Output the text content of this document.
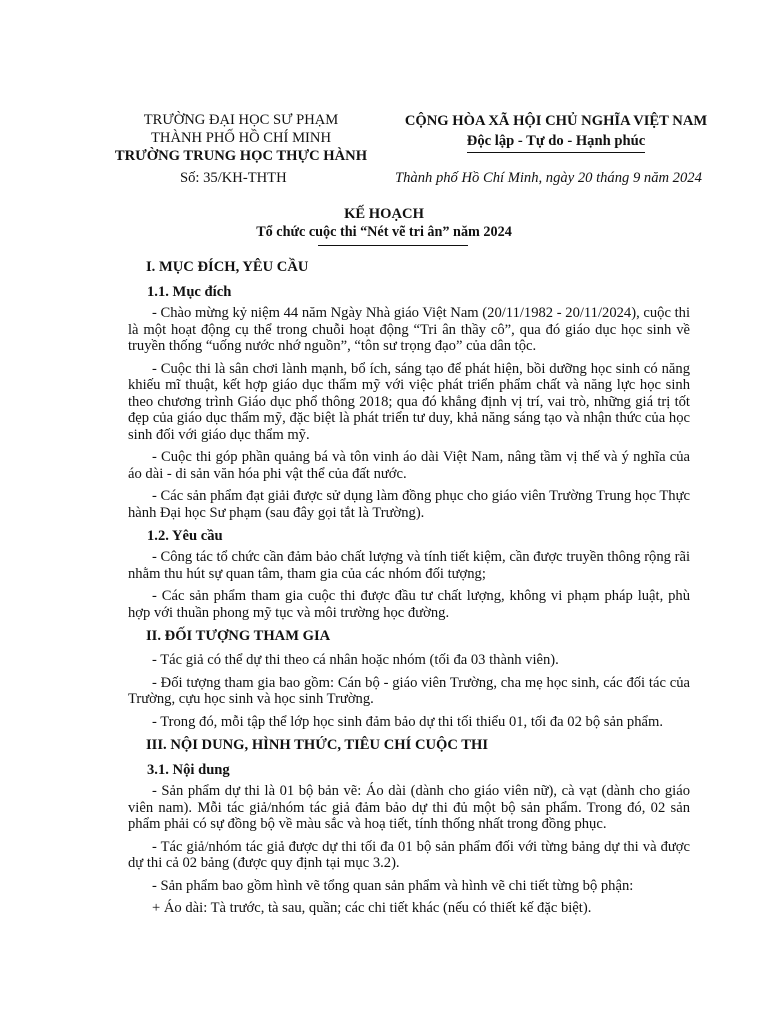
TRƯỜNG ĐẠI HỌC SƯ PHẠM
THÀNH PHỐ HỒ CHÍ MINH
TRƯỜNG TRUNG HỌC THỰC HÀNH
CỘNG HÒA XÃ HỘI CHỦ NGHĨA VIỆT NAM
Độc lập - Tự do - Hạnh phúc
Số: 35/KH-THTH	Thành phố Hồ Chí Minh, ngày 20 tháng 9 năm 2024
KẾ HOẠCH
Tổ chức cuộc thi “Nét vẽ tri ân” năm 2024
I. MỤC ĐÍCH, YÊU CẦU
1.1. Mục đích

- Chào mừng kỷ niệm 44 năm Ngày Nhà giáo Việt Nam (20/11/1982 - 20/11/2024), cuộc thi là một hoạt động cụ thể trong chuỗi hoạt động “Tri ân thầy cô”, qua đó giáo dục học sinh về truyền thống “uống nước nhớ nguồn”, “tôn sư trọng đạo” của dân tộc.

- Cuộc thi là sân chơi lành mạnh, bổ ích, sáng tạo để phát hiện, bồi dưỡng học sinh có năng khiếu mĩ thuật, kết hợp giáo dục thẩm mỹ với việc phát triển phẩm chất và năng lực học sinh theo chương trình Giáo dục phổ thông 2018; qua đó khẳng định vị trí, vai trò, những giá trị tốt đẹp của giáo dục thẩm mỹ, đặc biệt là phát triển tư duy, khả năng sáng tạo và nhận thức của học sinh đối với giáo dục thẩm mỹ.

- Cuộc thi góp phần quảng bá và tôn vinh áo dài Việt Nam, nâng tầm vị thế và ý nghĩa của áo dài - di sản văn hóa phi vật thể của đất nước.

- Các sản phẩm đạt giải được sử dụng làm đồng phục cho giáo viên Trường Trung học Thực hành Đại học Sư phạm (sau đây gọi tắt là Trường).

1.2. Yêu cầu

- Công tác tổ chức cần đảm bảo chất lượng và tính tiết kiệm, cần được truyền thông rộng rãi nhằm thu hút sự quan tâm, tham gia của các nhóm đối tượng;

- Các sản phẩm tham gia cuộc thi được đầu tư chất lượng, không vi phạm pháp luật, phù hợp với thuần phong mỹ tục và môi trường học đường.

II. ĐỐI TƯỢNG THAM GIA

- Tác giả có thể dự thi theo cá nhân hoặc nhóm (tối đa 03 thành viên).

- Đối tượng tham gia bao gồm: Cán bộ - giáo viên Trường, cha mẹ học sinh, các đối tác của Trường, cựu học sinh và học sinh Trường.

- Trong đó, mỗi tập thể lớp học sinh đảm bảo dự thi tối thiểu 01, tối đa 02 bộ sản phẩm.

III. NỘI DUNG, HÌNH THỨC, TIÊU CHÍ CUỘC THI
3.1. Nội dung

- Sản phẩm dự thi là 01 bộ bản vẽ: Áo dài (dành cho giáo viên nữ), cà vạt (dành cho giáo viên nam). Mỗi tác giả/nhóm tác giả đảm bảo dự thi đủ một bộ sản phẩm. Trong đó, 02 sản phẩm phải có sự đồng bộ về màu sắc và hoạ tiết, tính thống nhất trong đồng phục.

- Tác giả/nhóm tác giả được dự thi tối đa 01 bộ sản phẩm đối với từng bảng dự thi và được dự thi cả 02 bảng (được quy định tại mục 3.2).

- Sản phẩm bao gồm hình vẽ tổng quan sản phẩm và hình vẽ chi tiết từng bộ phận:

+ Áo dài: Tà trước, tà sau, quần; các chi tiết khác (nếu có thiết kế đặc biệt).
